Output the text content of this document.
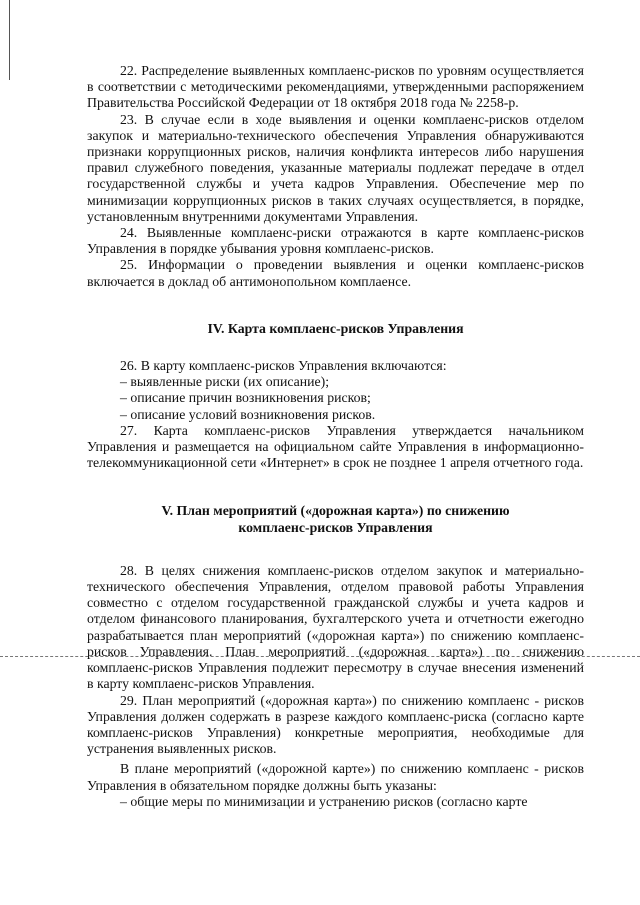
22. Распределение выявленных комплаенс-рисков по уровням осуществляется в соответствии с методическими рекомендациями, утвержденными распоряжением Правительства Российской Федерации от 18 октября 2018 года № 2258-р.

23. В случае если в ходе выявления и оценки комплаенс-рисков отделом закупок и материально-технического обеспечения Управления обнаруживаются признаки коррупционных рисков, наличия конфликта интересов либо нарушения правил служебного поведения, указанные материалы подлежат передаче в отдел государственной службы и учета кадров Управления. Обеспечение мер по минимизации коррупционных рисков в таких случаях осуществляется, в порядке, установленным внутренними документами Управления.

24. Выявленные комплаенс-риски отражаются в карте комплаенс-рисков Управления в порядке убывания уровня комплаенс-рисков.

25. Информации о проведении выявления и оценки комплаенс-рисков включается в доклад об антимонопольном комплаенсе.

IV. Карта комплаенс-рисков Управления

26. В карту комплаенс-рисков Управления включаются:

– выявленные риски (их описание);

– описание причин возникновения рисков;

– описание условий возникновения рисков.

27. Карта комплаенс-рисков Управления утверждается начальником Управления и размещается на официальном сайте Управления в информационно-телекоммуникационной сети «Интернет» в срок не позднее 1 апреля отчетного года.

V. План мероприятий («дорожная карта») по снижению
комплаенс-рисков Управления

28. В целях снижения комплаенс-рисков отделом закупок и материально-технического обеспечения Управления, отделом правовой работы Управления совместно с отделом государственной гражданской службы и учета кадров и отделом финансового планирования, бухгалтерского учета и отчетности ежегодно разрабатывается план мероприятий («дорожная карта») по снижению комплаенс-рисков Управления. План мероприятий («дорожная карта») по снижению комплаенс-рисков Управления подлежит пересмотру в случае внесения изменений в карту комплаенс-рисков Управления.

29. План мероприятий («дорожная карта») по снижению комплаенс - рисков Управления должен содержать в разрезе каждого комплаенс-риска (согласно карте комплаенс-рисков Управления) конкретные мероприятия, необходимые для устранения выявленных рисков.

В плане мероприятий («дорожной карте») по снижению комплаенс - рисков Управления в обязательном порядке должны быть указаны:

– общие меры по минимизации и устранению рисков (согласно карте
